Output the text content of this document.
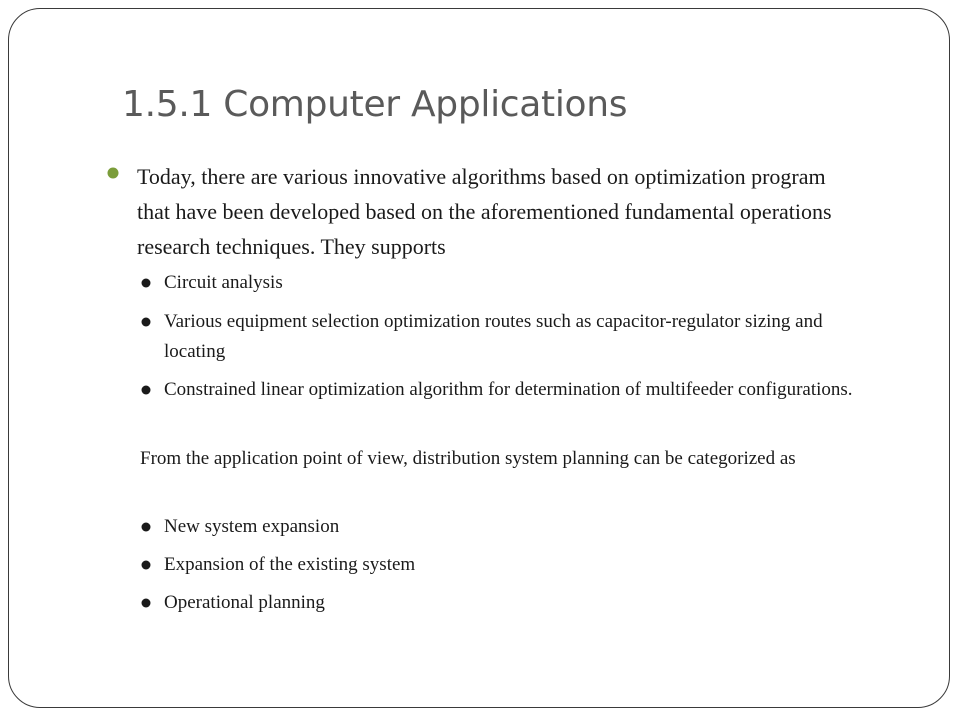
1.5.1 Computer Applications
Today, there are various innovative algorithms based on optimization program that have been developed based on the aforementioned fundamental operations research techniques. They supports
Circuit analysis
Various equipment selection optimization routes such as capacitor-regulator sizing and locating
Constrained linear optimization algorithm for determination of multifeeder configurations.
From the application point of view, distribution system planning can be categorized as
New system expansion
Expansion of the existing system
Operational planning
